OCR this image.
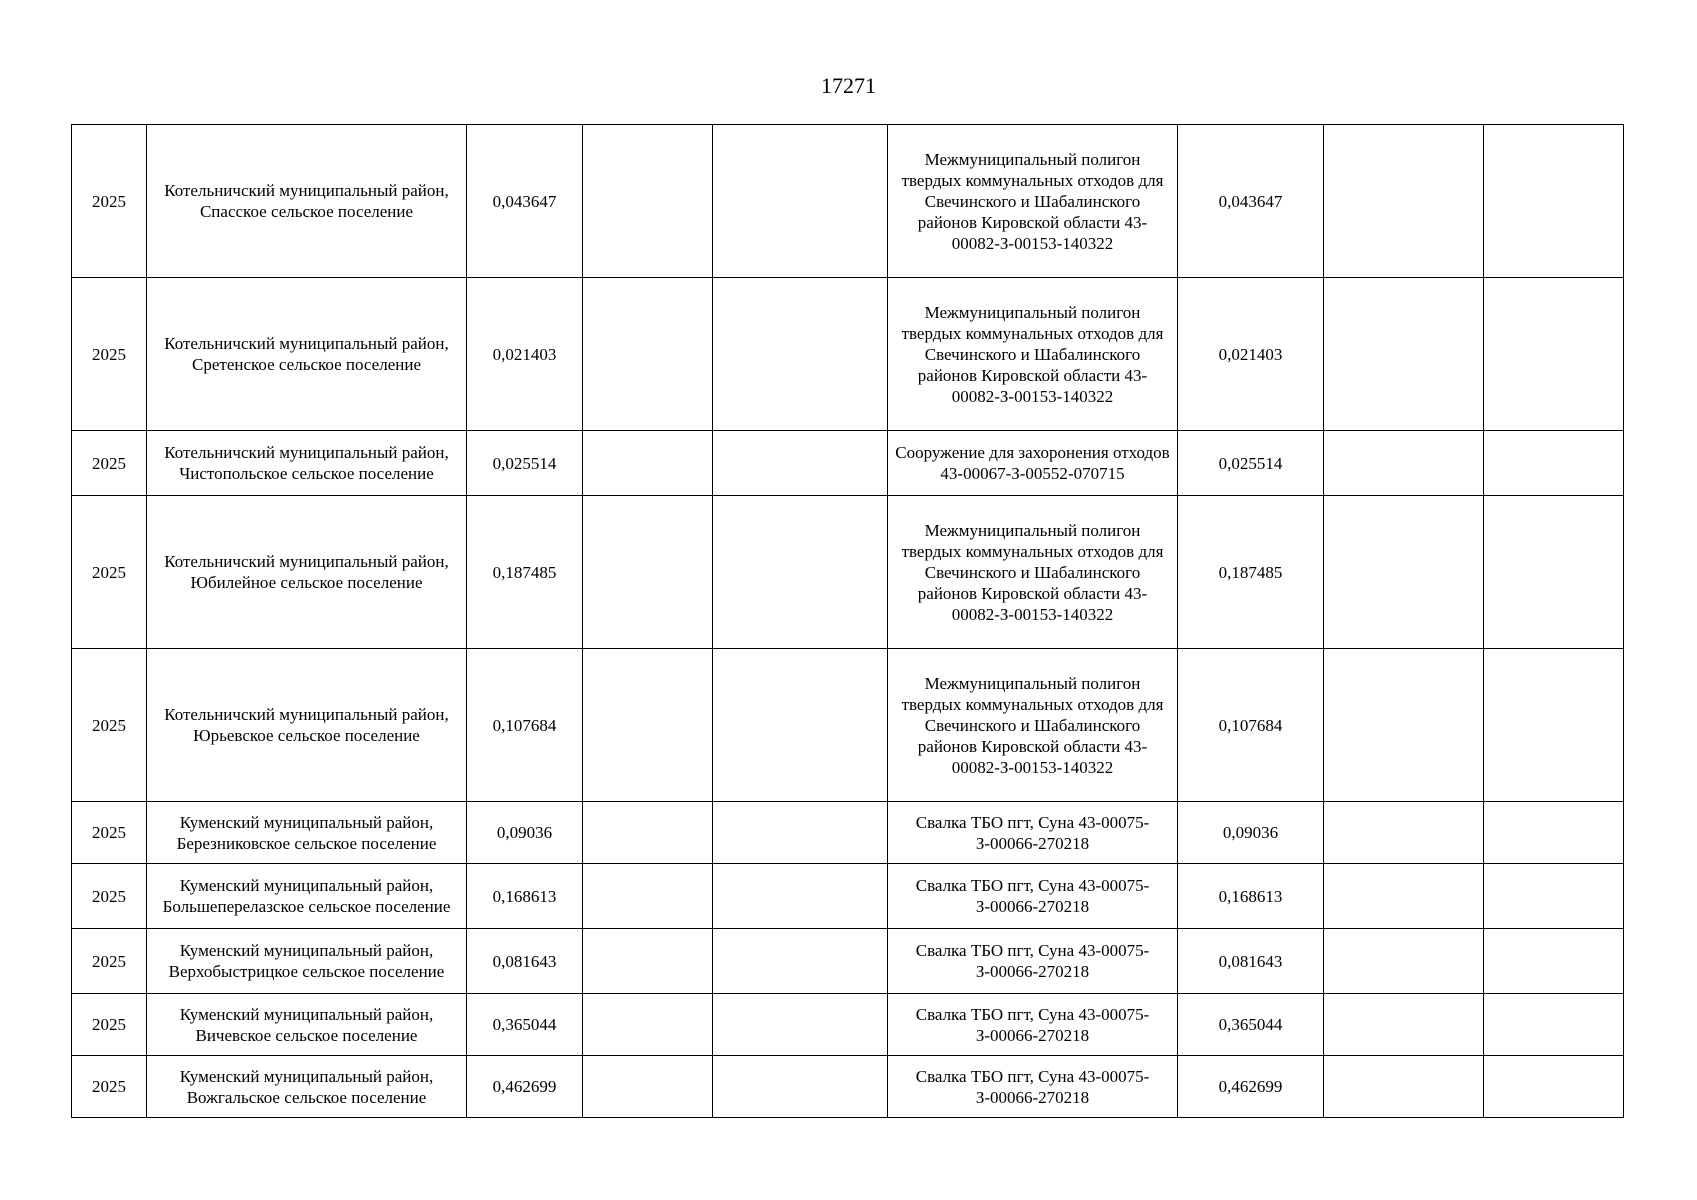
17271
2025	Котельничский муниципальный район, Спасское сельское поселение	0,043647			Межмуниципальный полигон твердых коммунальных отходов для Свечинского и Шабалинского районов Кировской области 43-00082-З-00153-140322	0,043647		
2025	Котельничский муниципальный район, Сретенское сельское поселение	0,021403			Межмуниципальный полигон твердых коммунальных отходов для Свечинского и Шабалинского районов Кировской области 43-00082-З-00153-140322	0,021403		
2025	Котельничский муниципальный район, Чистопольское сельское поселение	0,025514			Сооружение для захоронения отходов 43-00067-З-00552-070715	0,025514		
2025	Котельничский муниципальный район, Юбилейное сельское поселение	0,187485			Межмуниципальный полигон твердых коммунальных отходов для Свечинского и Шабалинского районов Кировской области 43-00082-З-00153-140322	0,187485		
2025	Котельничский муниципальный район, Юрьевское сельское поселение	0,107684			Межмуниципальный полигон твердых коммунальных отходов для Свечинского и Шабалинского районов Кировской области 43-00082-З-00153-140322	0,107684		
2025	Куменский муниципальный район, Березниковское сельское поселение	0,09036			Свалка ТБО пгт, Суна 43-00075-З-00066-270218	0,09036		
2025	Куменский муниципальный район, Большеперелазское сельское поселение	0,168613			Свалка ТБО пгт, Суна 43-00075-З-00066-270218	0,168613		
2025	Куменский муниципальный район, Верхобыстрицкое сельское поселение	0,081643			Свалка ТБО пгт, Суна 43-00075-З-00066-270218	0,081643		
2025	Куменский муниципальный район, Вичевское сельское поселение	0,365044			Свалка ТБО пгт, Суна 43-00075-З-00066-270218	0,365044		
2025	Куменский муниципальный район, Вожгальское сельское поселение	0,462699			Свалка ТБО пгт, Суна 43-00075-З-00066-270218	0,462699		
